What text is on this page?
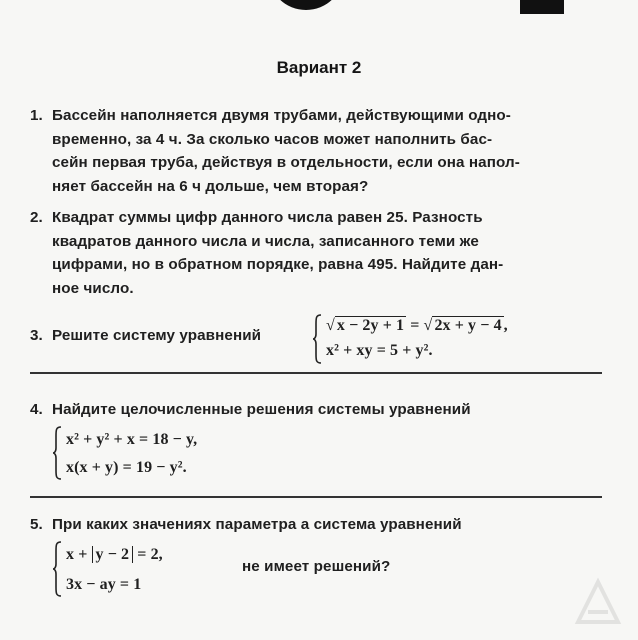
Вариант 2
1. Бассейн наполняется двумя трубами, действующими одно-
временно, за 4 ч. За сколько часов может наполнить бас-
сейн первая труба, действуя в отдельности, если она напол-
няет бассейн на 6 ч дольше, чем вторая?
2. Квадрат суммы цифр данного числа равен 25. Разность
квадратов данного числа и числа, записанного теми же
цифрами, но в обратном порядке, равна 495. Найдите дан-
ное число.
3. Решите систему уравнений
√ x − 2y + 1 = √ 2x + y − 4 ,
x² + xy = 5 + y².
4. Найдите целочисленные решения системы уравнений
x² + y² + x = 18 − y,
x(x + y) = 19 − y².
5. При каких значениях параметра a система уравнений
x + y − 2 = 2,
3x − ay = 1
не имеет решений?
